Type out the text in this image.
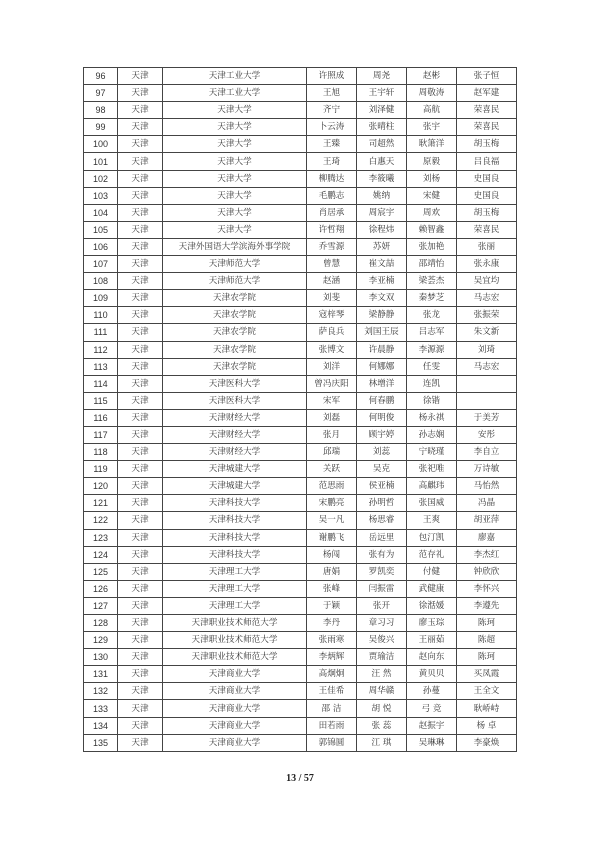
96	天津	天津工业大学	许照成	周尧	赵彬	张子恒
97	天津	天津工业大学	王旭	王宇轩	周敬涛	赵军建
98	天津	天津大学	齐宁	刘泽健	高航	荣喜民
99	天津	天津大学	卜云涛	张晴柱	张宇	荣喜民
100	天津	天津大学	王臻	司超然	耿箫洋	胡玉梅
101	天津	天津大学	王琦	白惠天	原毅	吕良福
102	天津	天津大学	柳腾达	李筱曦	刘杨	史国良
103	天津	天津大学	毛鹏志	姚纳	宋健	史国良
104	天津	天津大学	肖居承	周宸宇	周欢	胡玉梅
105	天津	天津大学	许哲翔	徐程炜	赖智鑫	荣喜民
106	天津	天津外国语大学滨海外事学院	乔雪源	苏妍	张加艳	张丽
107	天津	天津师范大学	曾慧	崔文喆	邵靖怡	张永康
108	天津	天津师范大学	赵涵	李亚楠	梁荟杰	吴宜均
109	天津	天津农学院	刘斐	李文双	秦梦芝	马志宏
110	天津	天津农学院	寇梓琴	梁静静	张龙	张振荣
111	天津	天津农学院	萨良兵	刘国王辰	吕志军	朱文新
112	天津	天津农学院	张博文	许晨静	李源源	刘琦
113	天津	天津农学院	刘洋	何娜娜	任雯	马志宏
114	天津	天津医科大学	曾冯庆阳	林增洋	连凯	
115	天津	天津医科大学	宋军	何春鹏	徐锴	
116	天津	天津财经大学	刘磊	何明俊	杨永祺	于美芳
117	天津	天津财经大学	张月	顾宇婷	孙志娴	安彤
118	天津	天津财经大学	邱瑞	刘蕊	宁晓瑾	李自立
119	天津	天津城建大学	关跃	吴克	张祀唯	万诗敏
120	天津	天津城建大学	范思雨	侯亚楠	高麒玮	马怡然
121	天津	天津科技大学	宋鹏亮	孙明哲	张国威	冯晶
122	天津	天津科技大学	吴一凡	杨思睿	王爽	胡亚萍
123	天津	天津科技大学	谢鹏飞	岳远里	包汀凯	廖嘉
124	天津	天津科技大学	杨闯	张有为	范存礼	李杰红
125	天津	天津理工大学	唐娟	罗凯奕	付健	钟欣欣
126	天津	天津理工大学	张峰	闫振雷	武健康	李怀兴
127	天津	天津理工大学	于颖	张开	徐湉媛	李遵先
128	天津	天津职业技术师范大学	李丹	章习习	廖玉琮	陈珂
129	天津	天津职业技术师范大学	张雨寒	吴俊兴	王丽茹	陈超
130	天津	天津职业技术师范大学	李炳辉	贾瑜洁	赵向东	陈珂
131	天津	天津商业大学	高炯炯	汪 然	黄贝贝	买凤霞
132	天津	天津商业大学	王佳希	周华赣	孙蔓	王全文
133	天津	天津商业大学	邵 洁	胡 悦	弓 竞	耿峤峙
134	天津	天津商业大学	田若雨	张 蕊	赵振宇	杨 卓
135	天津	天津商业大学	郭锦圆	江 琪	吴琳琳	李豪焕
13 / 57
